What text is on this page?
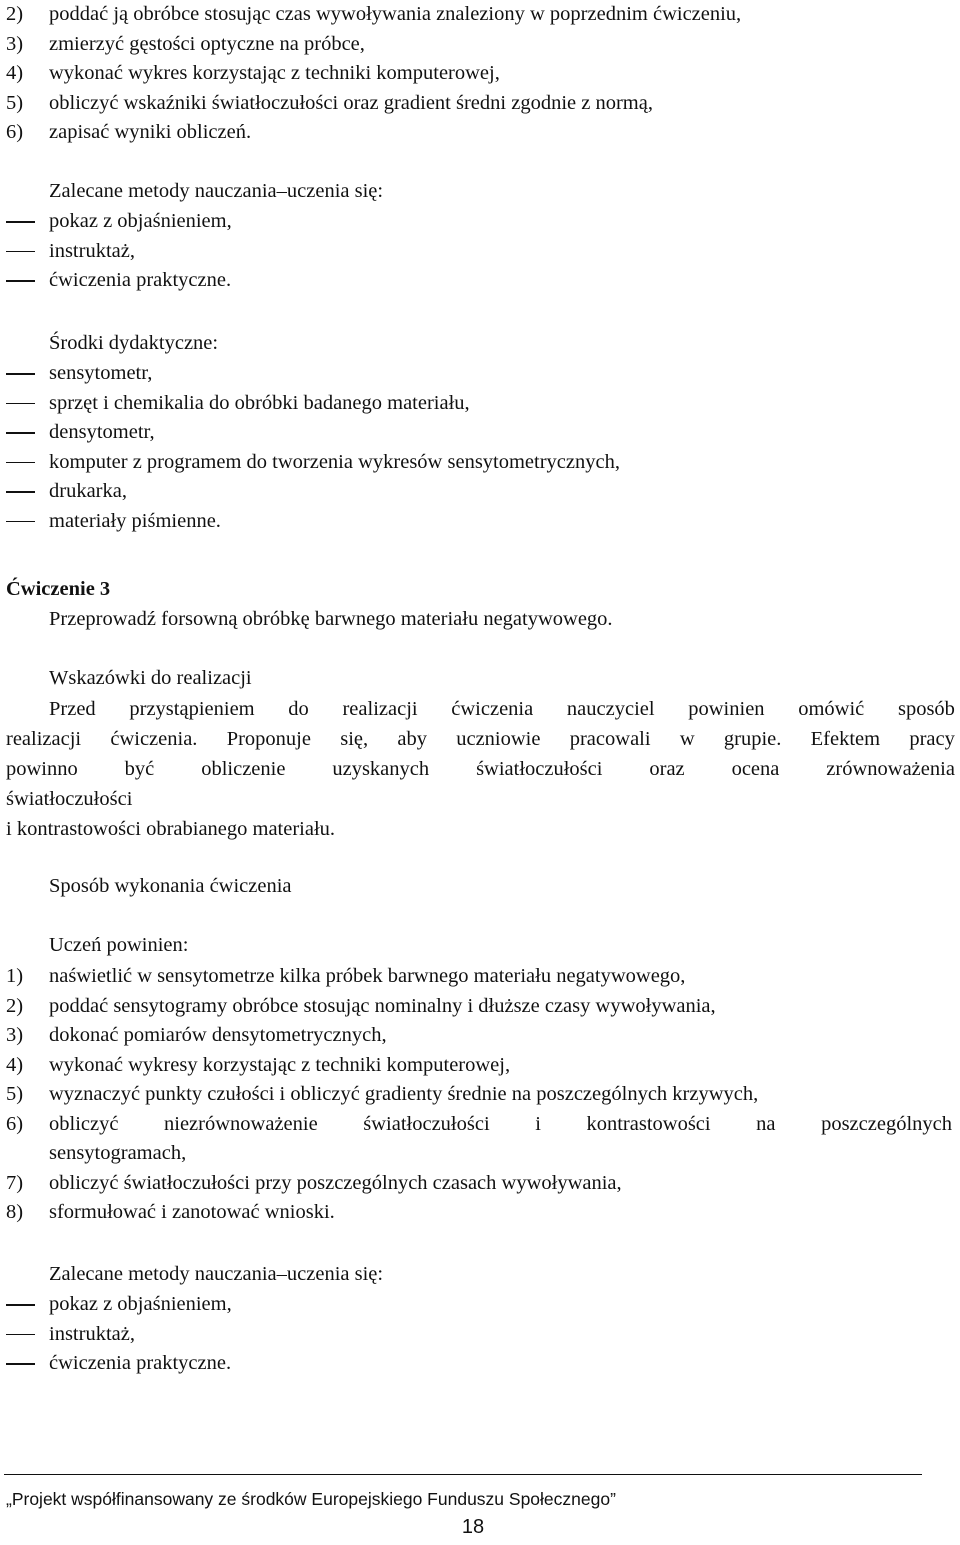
2)	poddać ją obróbce stosując czas wywoływania znaleziony w poprzednim ćwiczeniu,
3)	zmierzyć gęstości optyczne na próbce,
4)	wykonać wykres korzystając z techniki komputerowej,
5)	obliczyć wskaźniki światłoczułości oraz gradient średni zgodnie z normą,
6)	zapisać wyniki obliczeń.
Zalecane metody nauczania–uczenia się:
pokaz z objaśnieniem,
instruktaż,
ćwiczenia praktyczne.
Środki dydaktyczne:
sensytometr,
sprzęt i chemikalia do obróbki badanego materiału,
densytometr,
komputer z programem do tworzenia wykresów sensytometrycznych,
drukarka,
materiały piśmienne.
Ćwiczenie 3
Przeprowadź forsowną obróbkę barwnego materiału negatywowego.
Wskazówki do realizacji
Przed przystąpieniem do realizacji ćwiczenia nauczyciel powinien omówić sposób
realizacji ćwiczenia. Proponuje się, aby uczniowie pracowali w grupie. Efektem pracy
powinno być obliczenie uzyskanych światłoczułości oraz ocena zrównoważenia
światłoczułości
i kontrastowości obrabianego materiału.
Sposób wykonania ćwiczenia
Uczeń powinien:
1)	naświetlić w sensytometrze kilka próbek barwnego materiału negatywowego,
2)	poddać sensytogramy obróbce stosując nominalny i dłuższe czasy wywoływania,
3)	dokonać pomiarów densytometrycznych,
4)	wykonać wykresy korzystając z techniki komputerowej,
5)	wyznaczyć punkty czułości i obliczyć gradienty średnie na poszczególnych krzywych,
6)	obliczyć niezrównoważenie światłoczułości i kontrastowości na poszczególnych
sensytogramach,
7)	obliczyć światłoczułości przy poszczególnych czasach wywoływania,
8)	sformułować i zanotować wnioski.
Zalecane metody nauczania–uczenia się:
pokaz z objaśnieniem,
instruktaż,
ćwiczenia praktyczne.
„Projekt współfinansowany ze środków Europejskiego Funduszu Społecznego”
18
